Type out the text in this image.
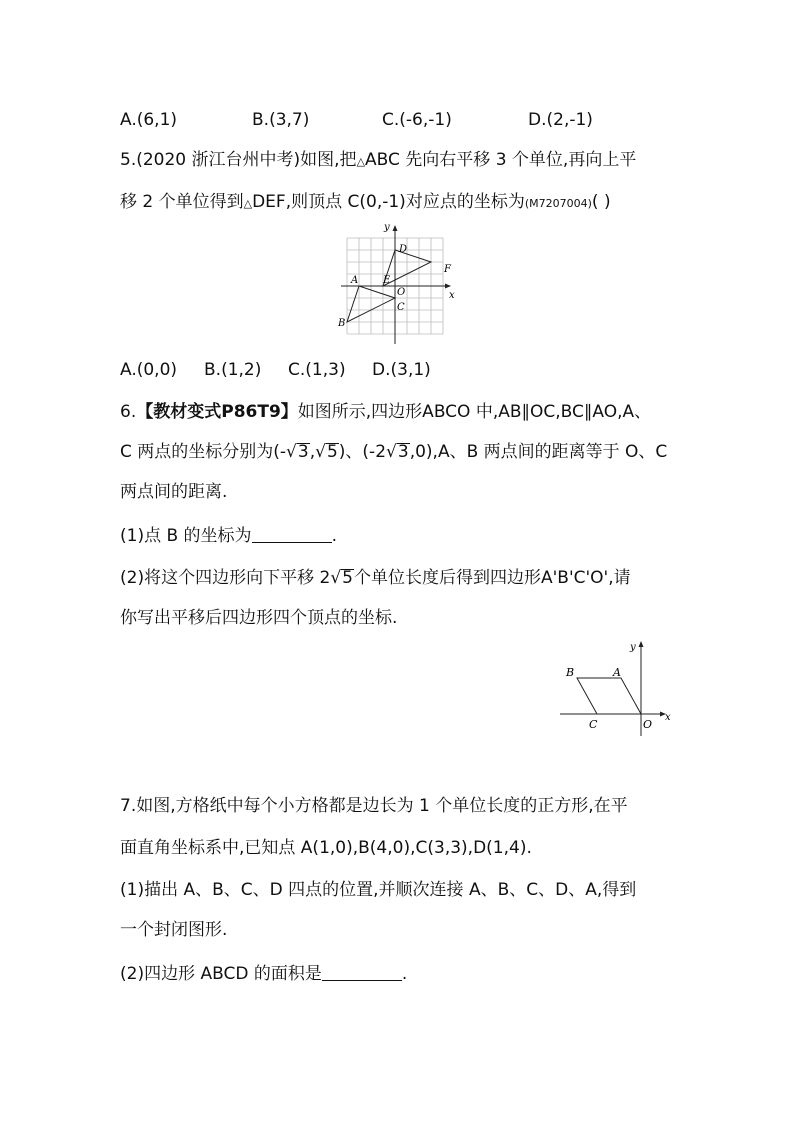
A.(6,1)	B.(3,7)	C.(-6,-1)	D.(2,-1)
5.(2020 浙江台州中考)如图,把△ABC 先向右平移 3 个单位,再向上平
移 2 个单位得到△DEF,则顶点 C(0,-1)对应点的坐标为(M7207004)( )
y
x
D
F
A E
O
C
B
A.(0,0) B.(1,2) C.(1,3) D.(3,1)
6.【教材变式P86T9】如图所示,四边形ABCO 中,AB∥OC,BC∥AO,A、
C 两点的坐标分别为(-√3,√5)、(-2√3,0),A、B 两点间的距离等于 O、C
两点间的距离.
(1)点 B 的坐标为	.
(2)将这个四边形向下平移 2√5个单位长度后得到四边形A'B'C'O',请
你写出平移后四边形四个顶点的坐标.
y
x
B	A
C	O
7.如图,方格纸中每个小方格都是边长为 1 个单位长度的正方形,在平
面直角坐标系中,已知点 A(1,0),B(4,0),C(3,3),D(1,4).
(1)描出 A、B、C、D 四点的位置,并顺次连接 A、B、C、D、A,得到
一个封闭图形.
(2)四边形 ABCD 的面积是	.
